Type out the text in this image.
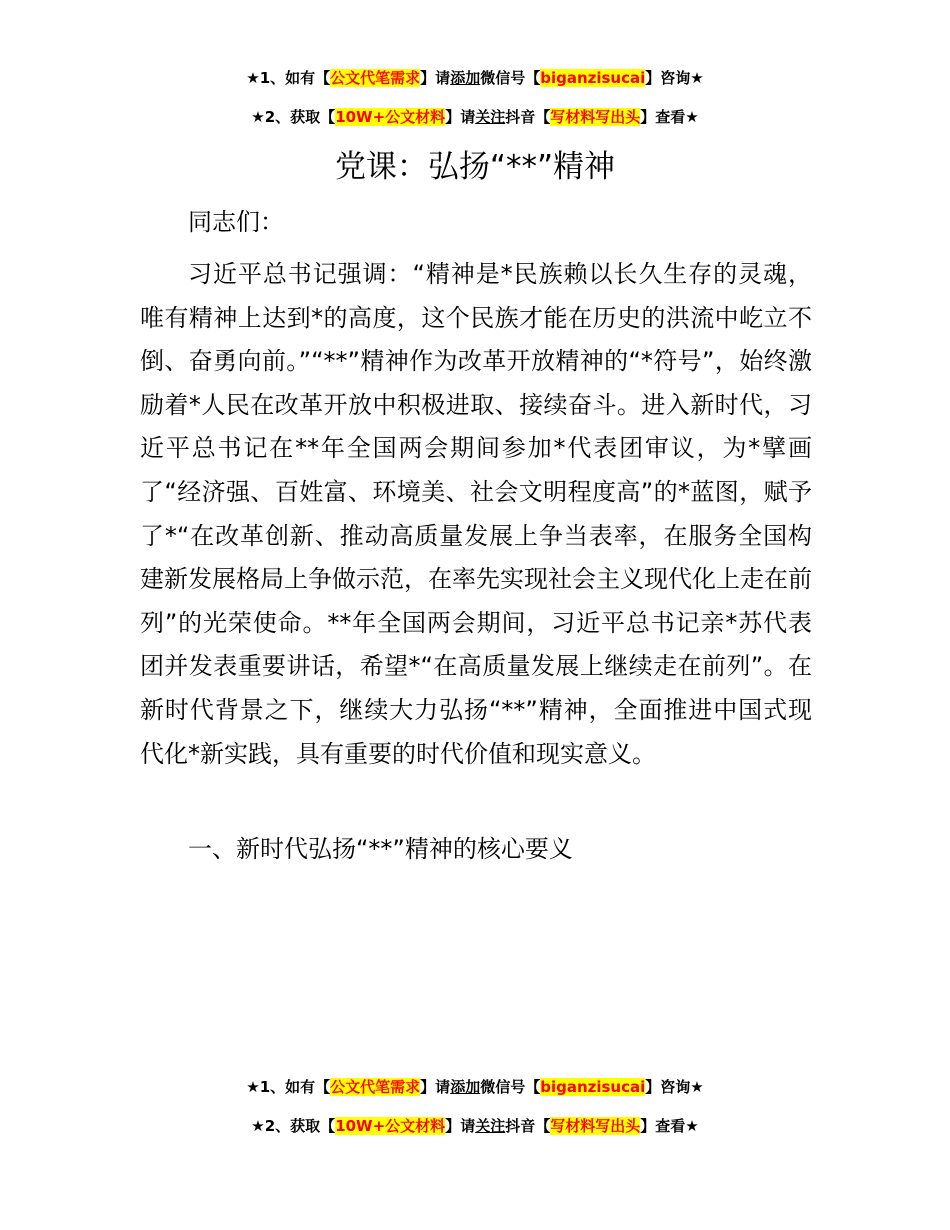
★1、如有【公文代笔需求】请添加微信号【biganzisucai】咨询★
★2、获取【10W+公文材料】请关注抖音【写材料写出头】查看★
党课：弘扬“**”精神
同志们：
习近平总书记强调：“精神是*民族赖以长久生存的灵魂，唯有精神上达到*的高度，这个民族才能在历史的洪流中屹立不倒、奋勇向前。”“**”精神作为改革开放精神的“*符号”，始终激励着*人民在改革开放中积极进取、接续奋斗。进入新时代，习近平总书记在**年全国两会期间参加*代表团审议，为*擘画了“经济强、百姓富、环境美、社会文明程度高”的*蓝图，赋予了*“在改革创新、推动高质量发展上争当表率，在服务全国构建新发展格局上争做示范，在率先实现社会主义现代化上走在前列”的光荣使命。**年全国两会期间，习近平总书记亲*苏代表团并发表重要讲话，希望*“在高质量发展上继续走在前列”。在新时代背景之下，继续大力弘扬“**”精神，全面推进中国式现代化*新实践，具有重要的时代价值和现实意义。
一、新时代弘扬“**”精神的核心要义
★1、如有【公文代笔需求】请添加微信号【biganzisucai】咨询★
★2、获取【10W+公文材料】请关注抖音【写材料写出头】查看★
